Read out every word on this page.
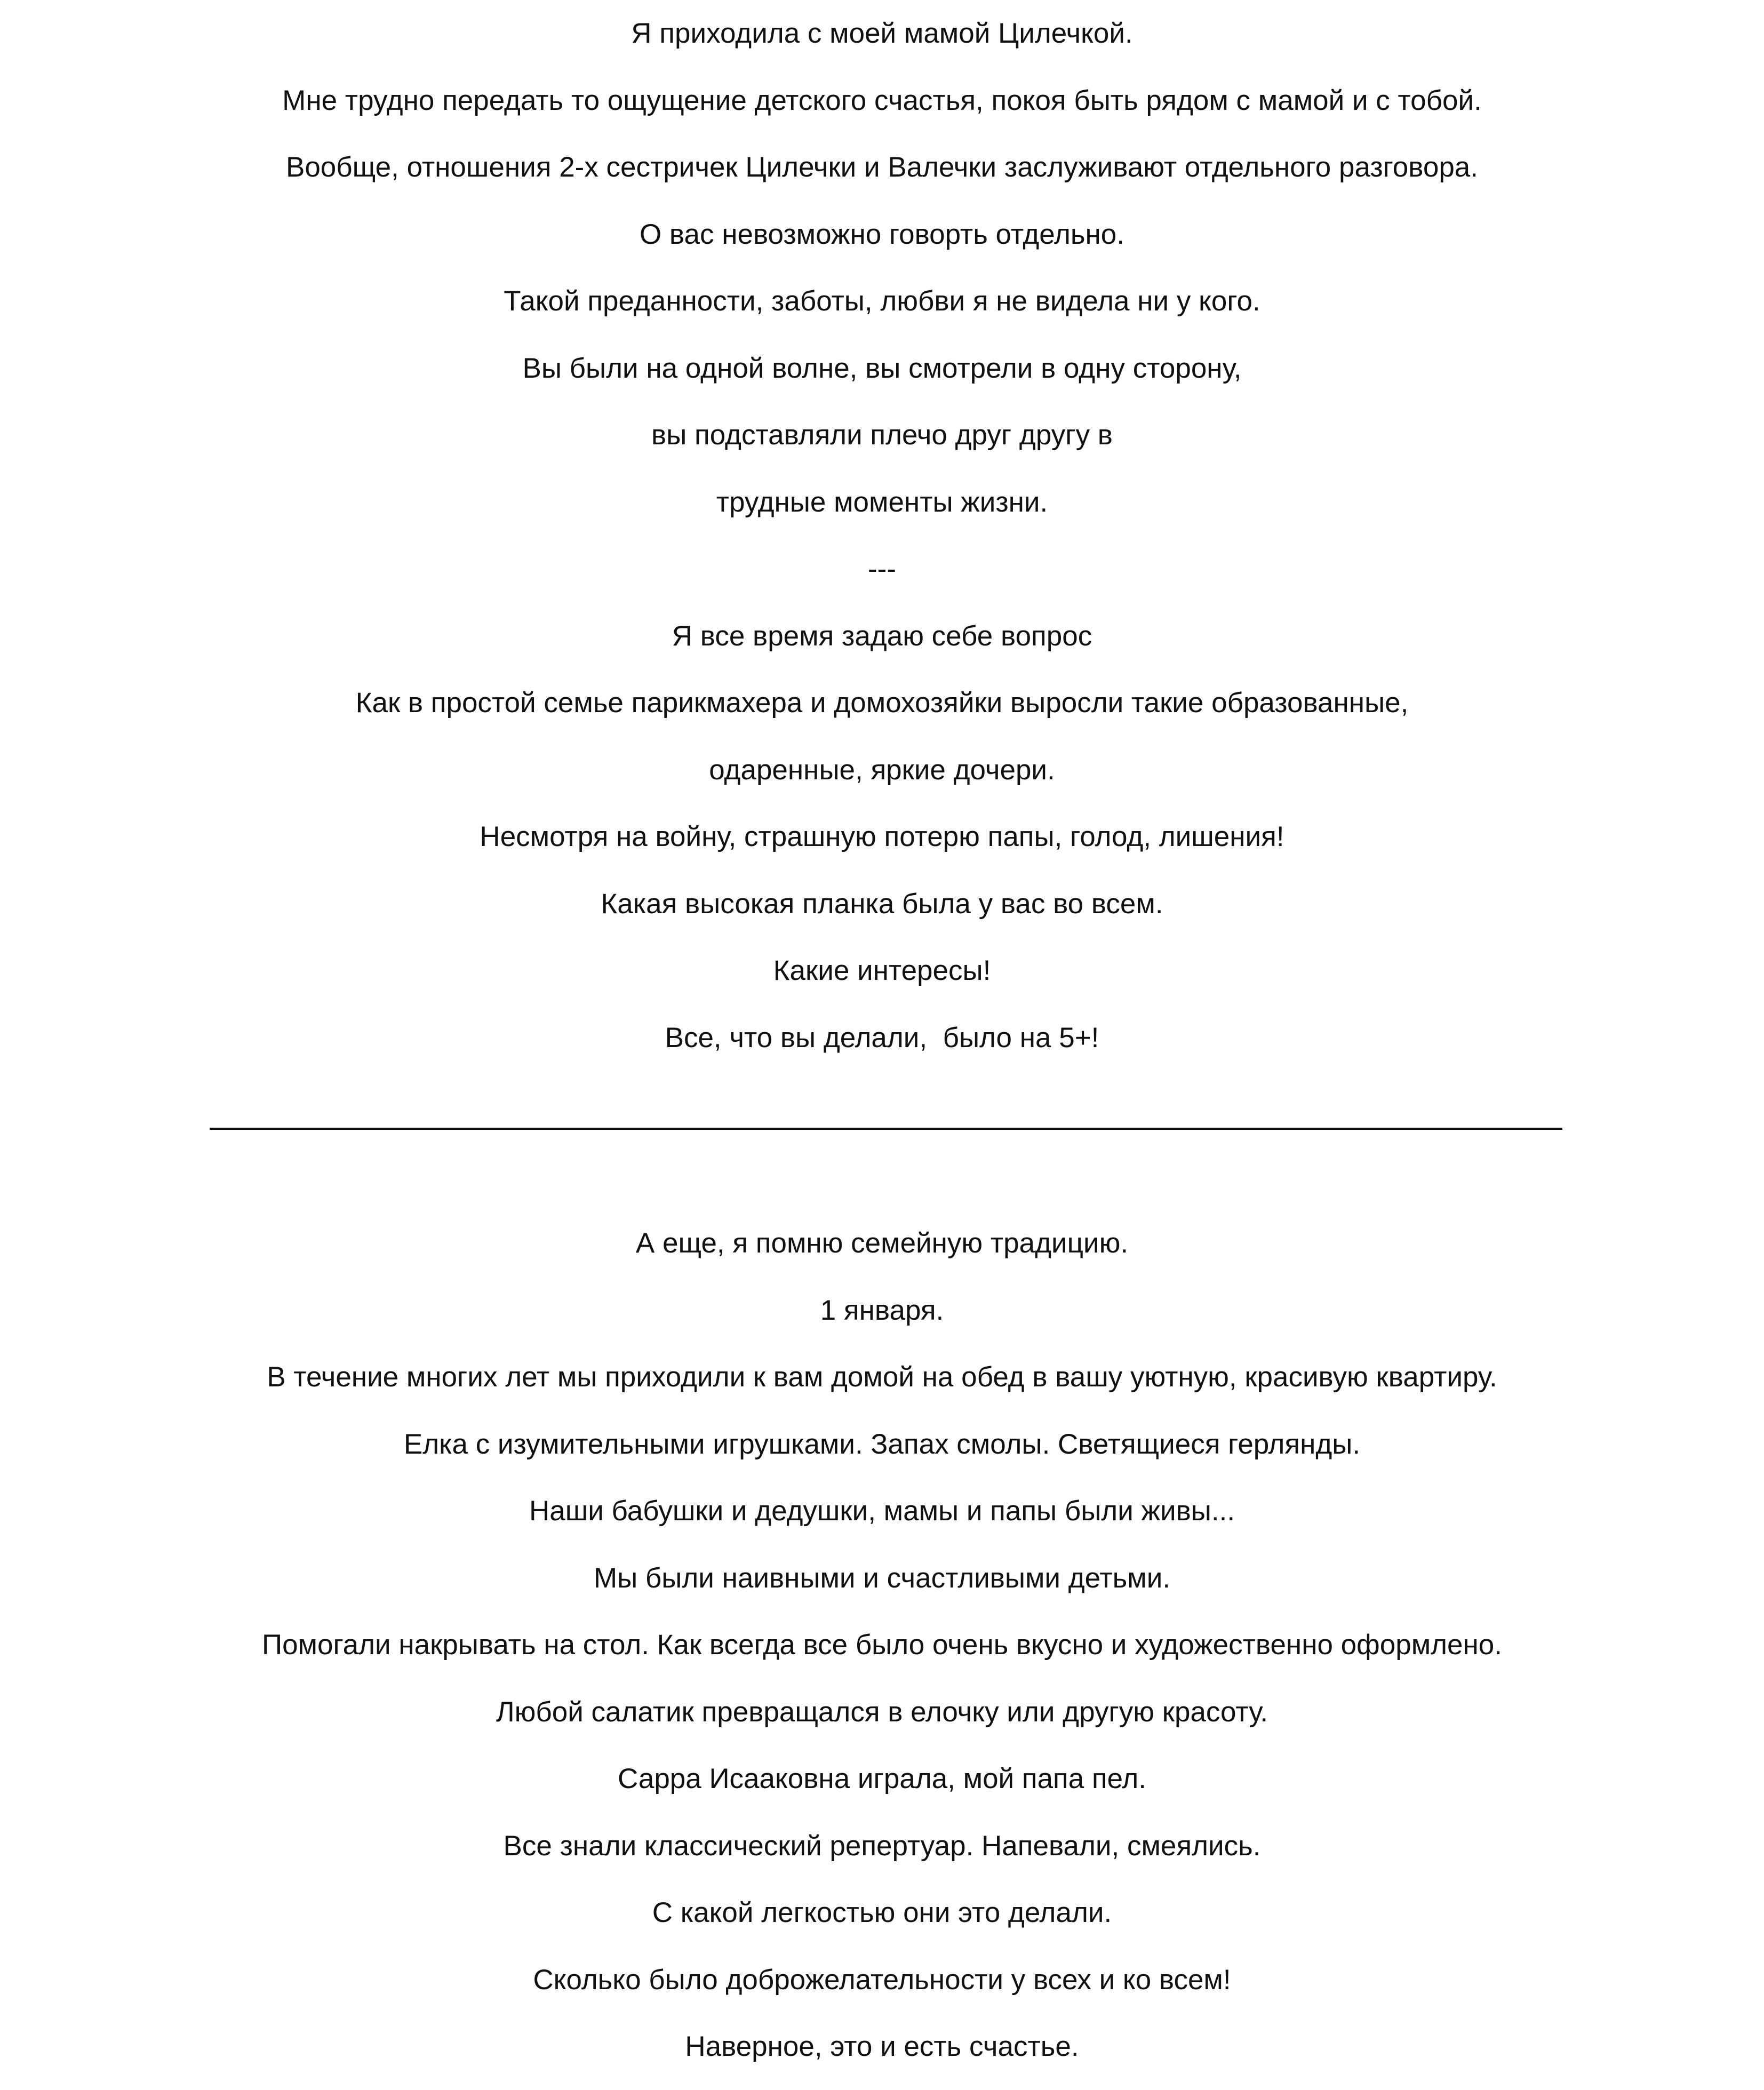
Я приходила с моей мамой Цилечкой.
Мне трудно передать то ощущение детского счастья, покоя быть рядом с мамой и с тобой.
Вообще, отношения 2-х сестричек Цилечки и Валечки заслуживают отдельного разговора.
О вас невозможно говорть отдельно.
Такой преданности, заботы, любви я не видела ни у кого.
Вы были на одной волне, вы смотрели в одну сторону,
вы подставляли плечо друг другу в
трудные моменты жизни.
---
Я все время задаю себе вопрос
Как в простой семье парикмахера и домохозяйки выросли такие образованные,
одаренные, яркие дочери.
Несмотря на войну, страшную потерю папы, голод, лишения!
Какая высокая планка была у вас во всем.
Какие интересы!
Все, что вы делали,  было на 5+!
А еще, я помню семейную традицию.
1 января.
В течение многих лет мы приходили к вам домой на обед в вашу уютную, красивую квартиру.
Елка с изумительными игрушками. Запах смолы. Светящиеся герлянды.
Наши бабушки и дедушки, мамы и папы были живы...
Мы были наивными и счастливыми детьми.
Помогали накрывать на стол. Как всегда все было очень вкусно и художественно оформлено.
Любой салатик превращался в елочку или другую красоту.
Сарра Исааковна играла, мой папа пел.
Все знали классический репертуар. Напевали, смеялись.
С какой легкостью они это делали.
Сколько было доброжелательности у всех и ко всем!
Наверное, это и есть счастье.
